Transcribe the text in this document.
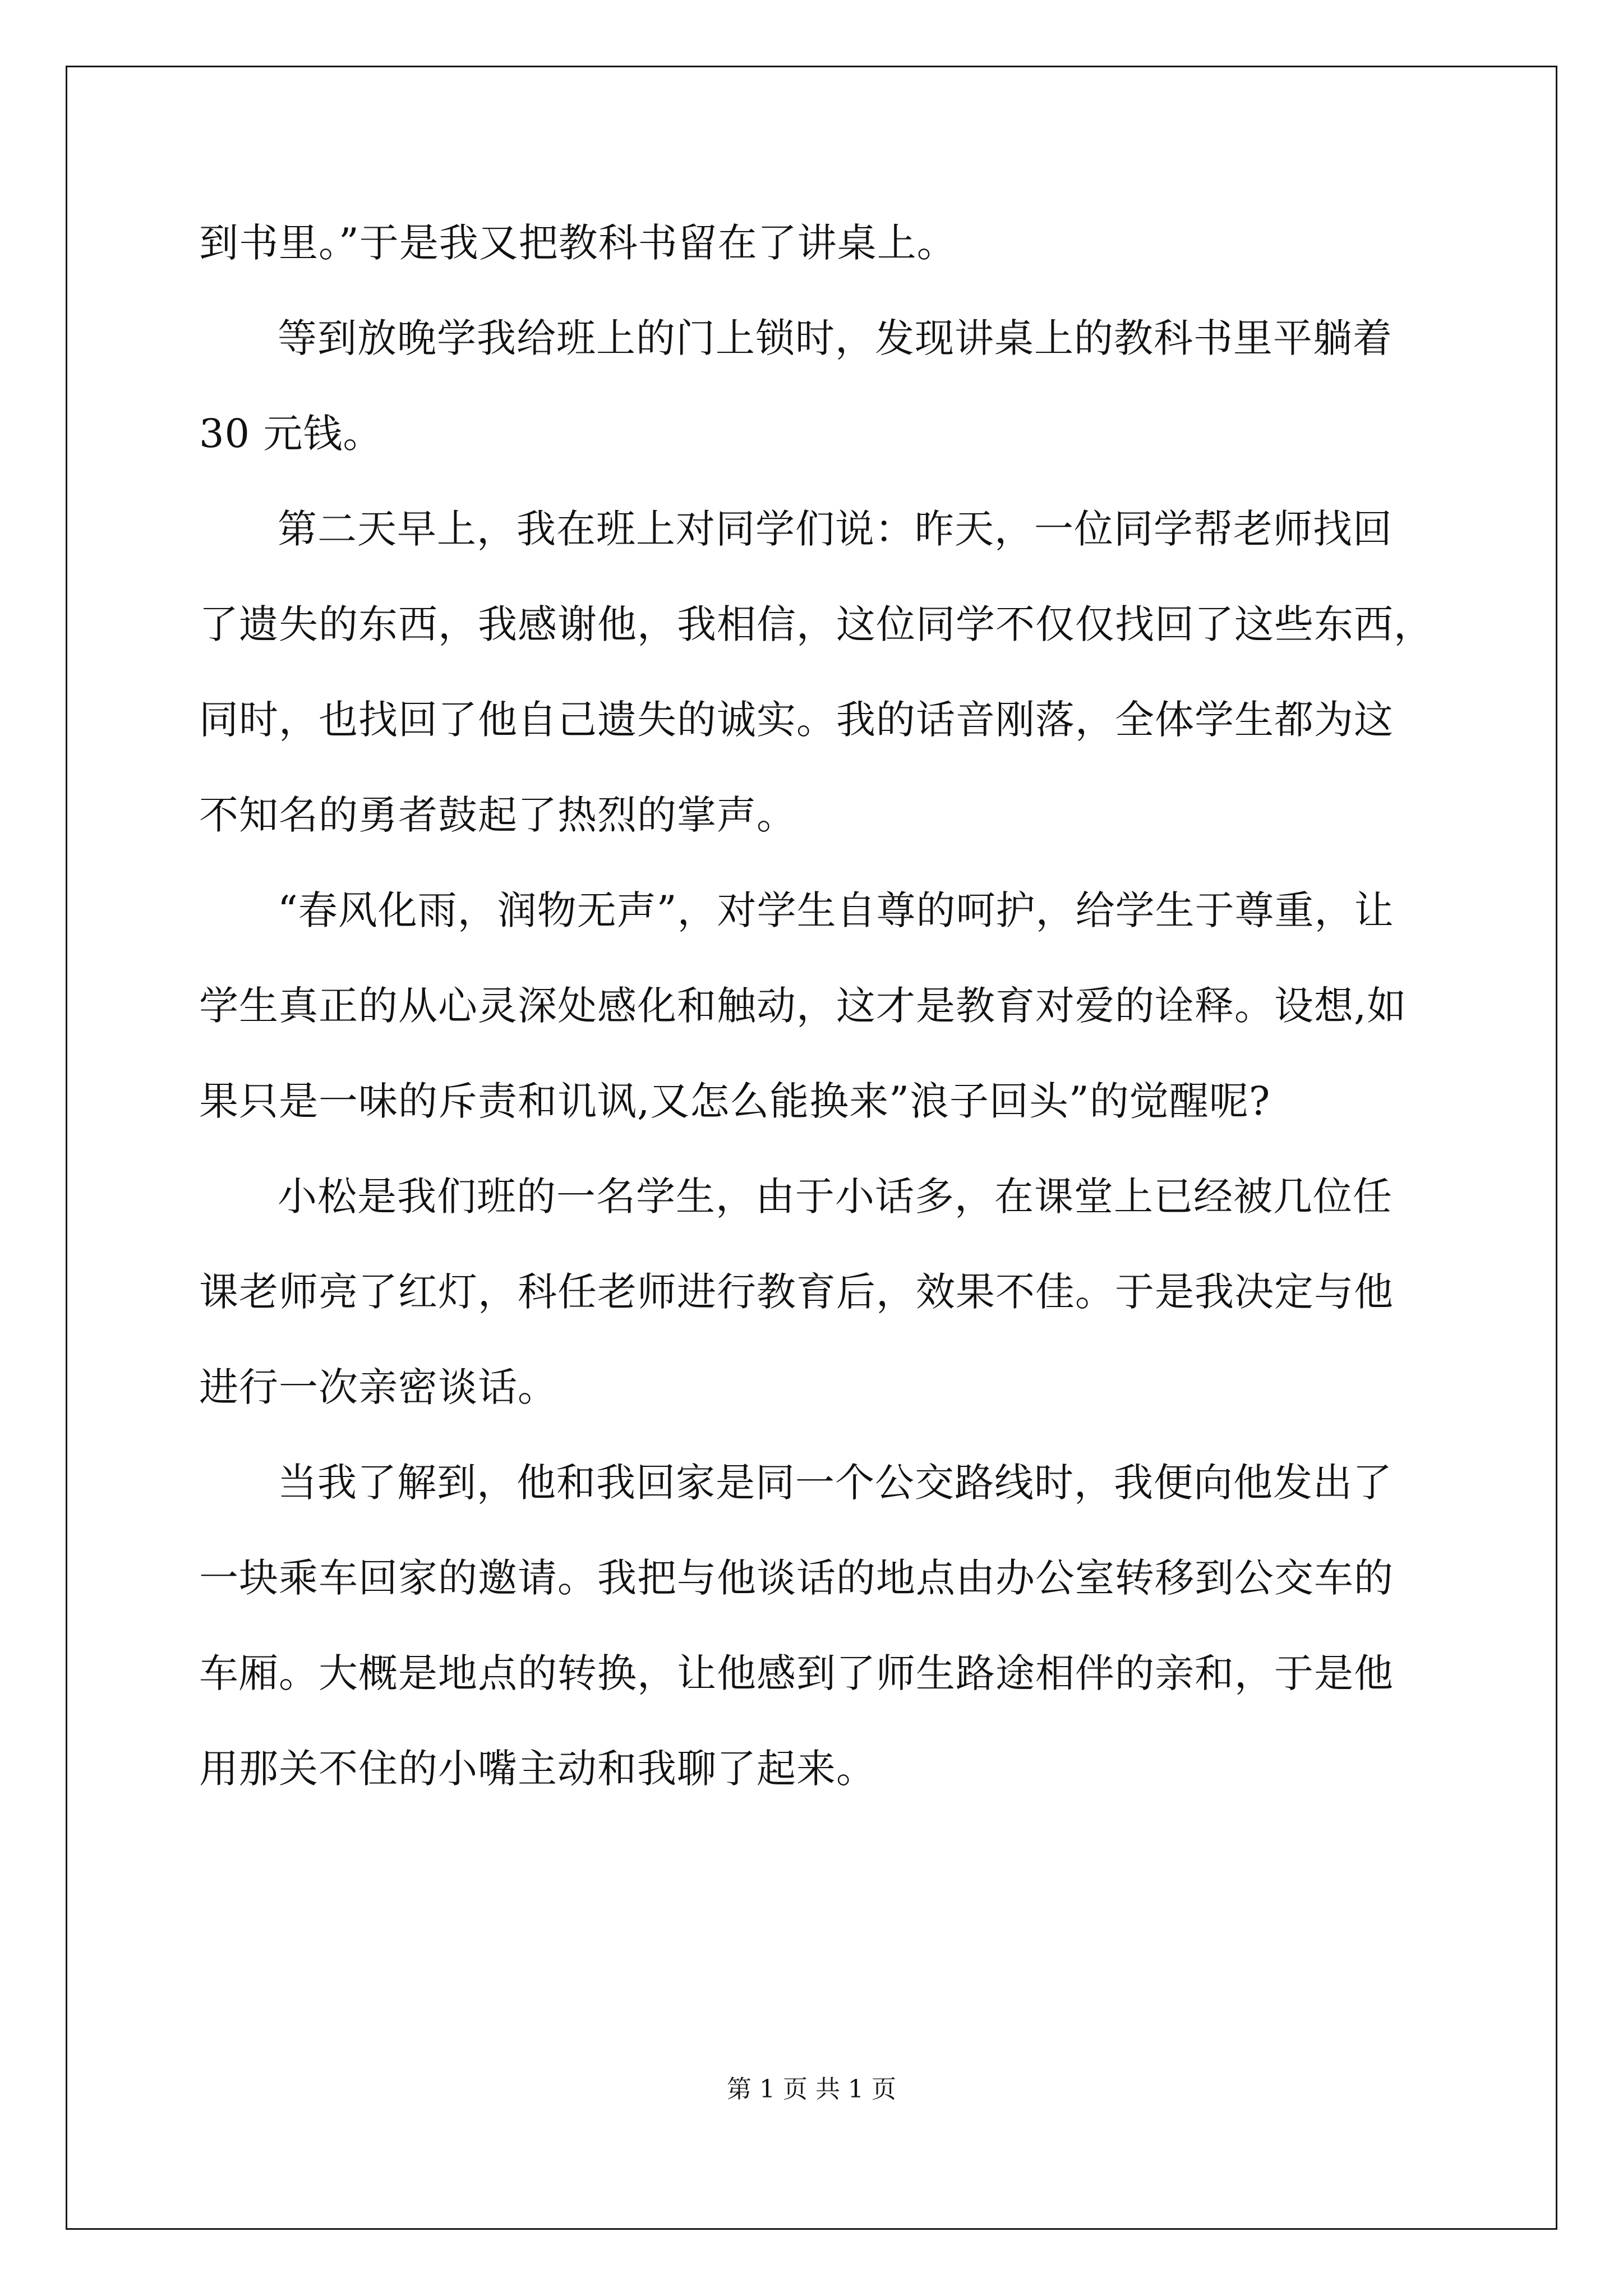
到书里。”于是我又把教科书留在了讲桌上。
等到放晚学我给班上的门上锁时，发现讲桌上的教科书里平躺着
30 元钱。
第二天早上，我在班上对同学们说：昨天，一位同学帮老师找回
了遗失的东西，我感谢他，我相信，这位同学不仅仅找回了这些东西，
同时，也找回了他自己遗失的诚实。我的话音刚落，全体学生都为这
不知名的勇者鼓起了热烈的掌声。
“春风化雨，润物无声”，对学生自尊的呵护，给学生于尊重，让
学生真正的从心灵深处感化和触动，这才是教育对爱的诠释。设想,如
果只是一味的斥责和讥讽,又怎么能换来”浪子回头”的觉醒呢?
小松是我们班的一名学生，由于小话多，在课堂上已经被几位任
课老师亮了红灯，科任老师进行教育后，效果不佳。于是我决定与他
进行一次亲密谈话。
当我了解到，他和我回家是同一个公交路线时，我便向他发出了
一块乘车回家的邀请。我把与他谈话的地点由办公室转移到公交车的
车厢。大概是地点的转换，让他感到了师生路途相伴的亲和，于是他
用那关不住的小嘴主动和我聊了起来。
第 1 页 共 1 页
